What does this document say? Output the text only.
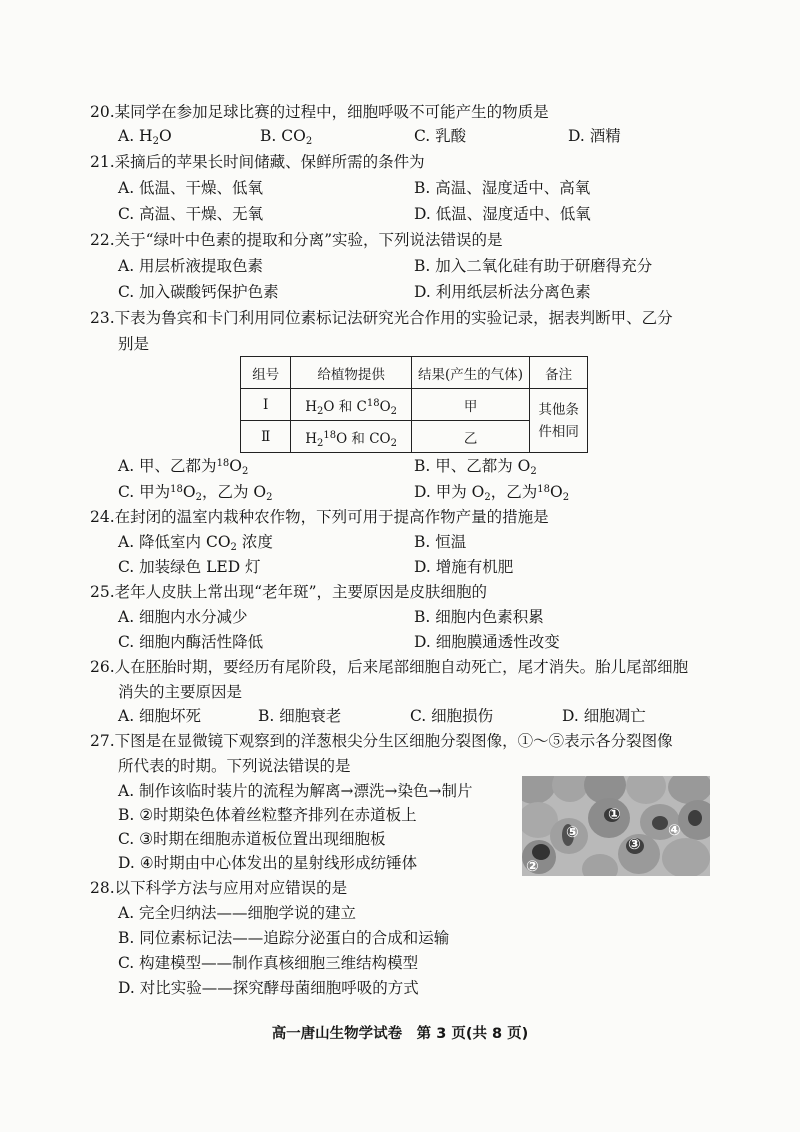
20.某同学在参加足球比赛的过程中，细胞呼吸不可能产生的物质是
A. $H_2O$	B. $CO_2$	C. 乳酸	D. 酒精
21.采摘后的苹果长时间储藏、保鲜所需的条件为
A. 低温、干燥、低氧	B. 高温、湿度适中、高氧
C. 高温、干燥、无氧	D. 低温、湿度适中、低氧
22.关于“绿叶中色素的提取和分离”实验，下列说法错误的是
A. 用层析液提取色素	B. 加入二氧化硅有助于研磨得充分
C. 加入碳酸钙保护色素	D. 利用纸层析法分离色素
23.下表为鲁宾和卡门利用同位素标记法研究光合作用的实验记录，据表判断甲、乙分
别是
组号	给植物提供	结果(产生的气体)	备注
Ⅰ	$H_2O$ 和 $C^{18}O_2$	甲	其他条
件相同
Ⅱ	$H_2^{18}O$ 和 $CO_2$	乙	
A. 甲、乙都为$^{18}O_2$	B. 甲、乙都为 $O_2$
C. 甲为$^{18}O_2$，乙为 $O_2$	D. 甲为 $O_2$，乙为$^{18}O_2$
24.在封闭的温室内栽种农作物，下列可用于提高作物产量的措施是
A. 降低室内 $CO_2$ 浓度	B. 恒温
C. 加装绿色 LED 灯	D. 增施有机肥
25.老年人皮肤上常出现“老年斑”，主要原因是皮肤细胞的
A. 细胞内水分减少	B. 细胞内色素积累
C. 细胞内酶活性降低	D. 细胞膜通透性改变
26.人在胚胎时期，要经历有尾阶段，后来尾部细胞自动死亡，尾才消失。胎儿尾部细胞
消失的主要原因是
A. 细胞坏死	B. 细胞衰老	C. 细胞损伤	D. 细胞凋亡
27.下图是在显微镜下观察到的洋葱根尖分生区细胞分裂图像，①～⑤表示各分裂图像
所代表的时期。下列说法错误的是
A. 制作该临时装片的流程为解离→漂洗→染色→制片
B. ②时期染色体着丝粒整齐排列在赤道板上
C. ③时期在细胞赤道板位置出现细胞板
D. ④时期由中心体发出的星射线形成纺锤体
①
②
③
④
⑤
28.以下科学方法与应用对应错误的是
A. 完全归纳法——细胞学说的建立
B. 同位素标记法——追踪分泌蛋白的合成和运输
C. 构建模型——制作真核细胞三维结构模型
D. 对比实验——探究酵母菌细胞呼吸的方式
高一唐山生物学试卷　第 3 页(共 8 页)
